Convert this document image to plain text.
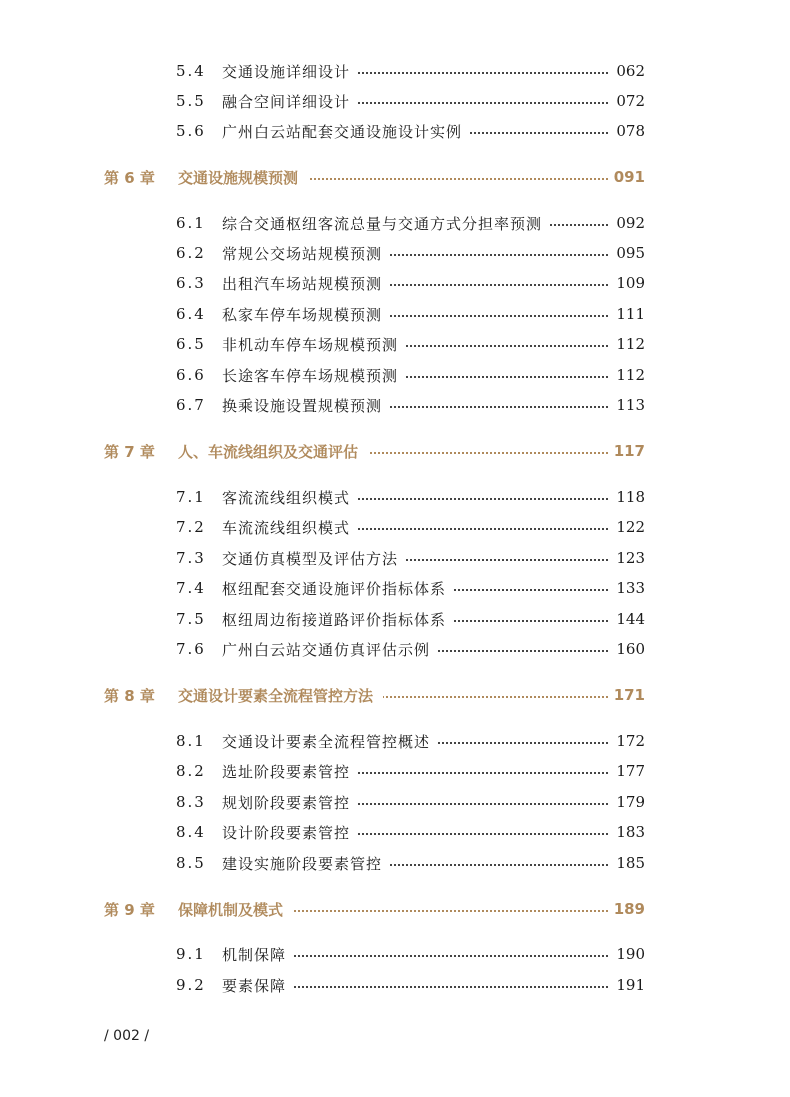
5.4	交通设施详细设计	062
5.5	融合空间详细设计	072
5.6	广州白云站配套交通设施设计实例	078
第 6 章 交通设施规模预测	091
6.1	综合交通枢纽客流总量与交通方式分担率预测	092
6.2	常规公交场站规模预测	095
6.3	出租汽车场站规模预测	109
6.4	私家车停车场规模预测	111
6.5	非机动车停车场规模预测	112
6.6	长途客车停车场规模预测	112
6.7	换乘设施设置规模预测	113
第 7 章 人、车流线组织及交通评估	117
7.1	客流流线组织模式	118
7.2	车流流线组织模式	122
7.3	交通仿真模型及评估方法	123
7.4	枢纽配套交通设施评价指标体系	133
7.5	枢纽周边衔接道路评价指标体系	144
7.6	广州白云站交通仿真评估示例	160
第 8 章 交通设计要素全流程管控方法	171
8.1	交通设计要素全流程管控概述	172
8.2	选址阶段要素管控	177
8.3	规划阶段要素管控	179
8.4	设计阶段要素管控	183
8.5	建设实施阶段要素管控	185
第 9 章 保障机制及模式	189
9.1	机制保障	190
9.2	要素保障	191
/ 002 /
